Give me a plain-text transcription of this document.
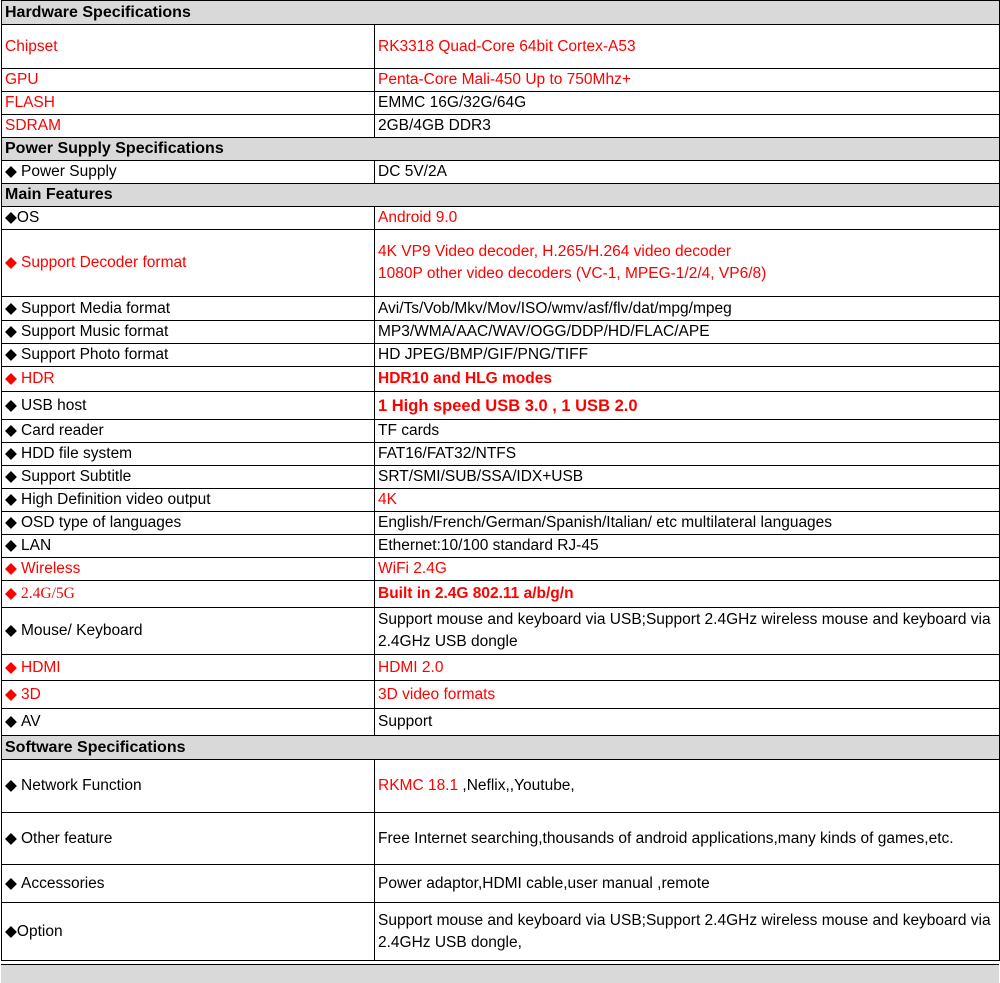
Hardware Specifications	
Chipset	RK3318 Quad-Core 64bit Cortex-A53
GPU	Penta-Core Mali-450 Up to 750Mhz+
FLASH	EMMC 16G/32G/64G
SDRAM	2GB/4GB DDR3
Power Supply Specifications	
◆ Power Supply	DC 5V/2A
Main Features	
◆OS	Android 9.0
◆ Support Decoder format	4K VP9 Video decoder, H.265/H.264 video decoder
1080P other video decoders (VC-1, MPEG-1/2/4, VP6/8)

◆ Support Media format	Avi/Ts/Vob/Mkv/Mov/ISO/wmv/asf/flv/dat/mpg/mpeg
◆ Support Music format	MP3/WMA/AAC/WAV/OGG/DDP/HD/FLAC/APE
◆ Support Photo format	HD JPEG/BMP/GIF/PNG/TIFF
◆ HDR	HDR10 and HLG modes
◆ USB host	1 High speed USB 3.0 , 1 USB 2.0
◆ Card reader	TF cards
◆ HDD file system	FAT16/FAT32/NTFS
◆ Support Subtitle	SRT/SMI/SUB/SSA/IDX+USB
◆ High Definition video output	4K
◆ OSD type of languages	English/French/German/Spanish/Italian/ etc multilateral languages
◆ LAN	Ethernet:10/100 standard RJ-45
◆ Wireless	WiFi 2.4G
◆ 2.4G/5G	Built in 2.4G 802.11 a/b/g/n
◆ Mouse/ Keyboard	Support mouse and keyboard via USB;Support 2.4GHz wireless mouse and keyboard via 2.4GHz USB dongle
◆ HDMI	HDMI 2.0
◆ 3D	3D video formats
◆ AV	Support
Software Specifications	
◆ Network Function	RKMC 18.1 ,Neflix,,Youtube,
◆ Other feature	Free Internet searching,thousands of android applications,many kinds of games,etc.
◆ Accessories	Power adaptor,HDMI cable,user manual ,remote
◆Option	Support mouse and keyboard via USB;Support 2.4GHz wireless mouse and keyboard via 2.4GHz USB dongle,
